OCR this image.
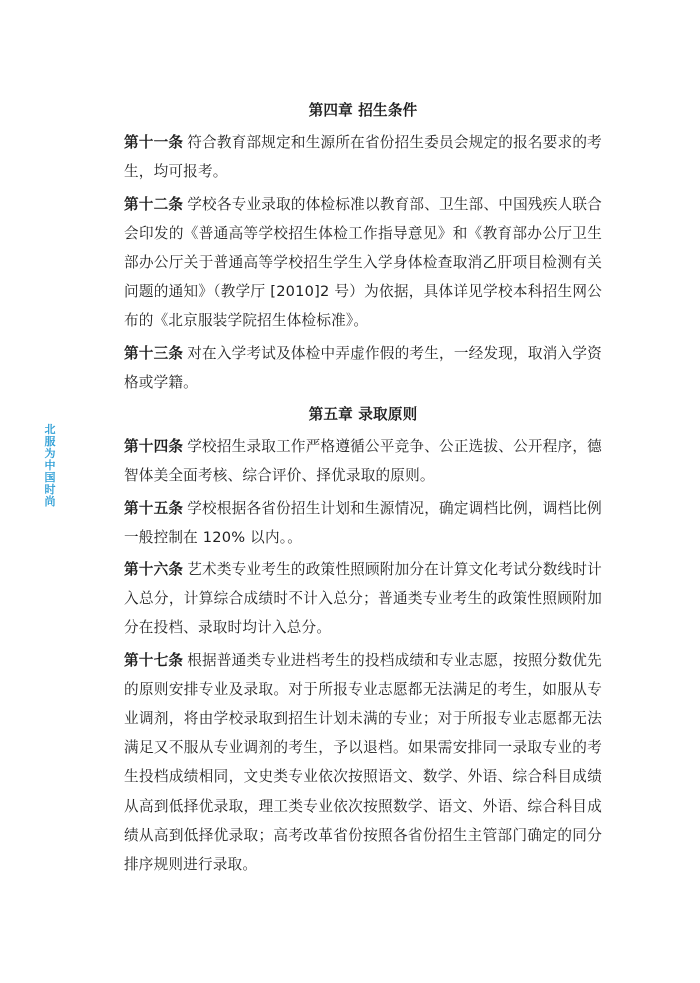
北服为中国时尚

第四章 招生条件

第十一条 符合教育部规定和生源所在省份招生委员会规定的报名要求的考生，均可报考。

第十二条 学校各专业录取的体检标准以教育部、卫生部、中国残疾人联合会印发的《普通高等学校招生体检工作指导意见》和《教育部办公厅卫生部办公厅关于普通高等学校招生学生入学身体检查取消乙肝项目检测有关问题的通知》（教学厅 [2010]2 号）为依据，具体详见学校本科招生网公布的《北京服装学院招生体检标准》。

第十三条 对在入学考试及体检中弄虚作假的考生，一经发现，取消入学资格或学籍。

第五章 录取原则

第十四条 学校招生录取工作严格遵循公平竞争、公正选拔、公开程序，德智体美全面考核、综合评价、择优录取的原则。

第十五条 学校根据各省份招生计划和生源情况，确定调档比例，调档比例一般控制在 120% 以内。。

第十六条 艺术类专业考生的政策性照顾附加分在计算文化考试分数线时计入总分，计算综合成绩时不计入总分；普通类专业考生的政策性照顾附加分在投档、录取时均计入总分。

第十七条 根据普通类专业进档考生的投档成绩和专业志愿，按照分数优先的原则安排专业及录取。对于所报专业志愿都无法满足的考生，如服从专业调剂，将由学校录取到招生计划未满的专业；对于所报专业志愿都无法满足又不服从专业调剂的考生，予以退档。如果需安排同一录取专业的考生投档成绩相同，文史类专业依次按照语文、数学、外语、综合科目成绩从高到低择优录取，理工类专业依次按照数学、语文、外语、综合科目成绩从高到低择优录取；高考改革省份按照各省份招生主管部门确定的同分排序规则进行录取。
